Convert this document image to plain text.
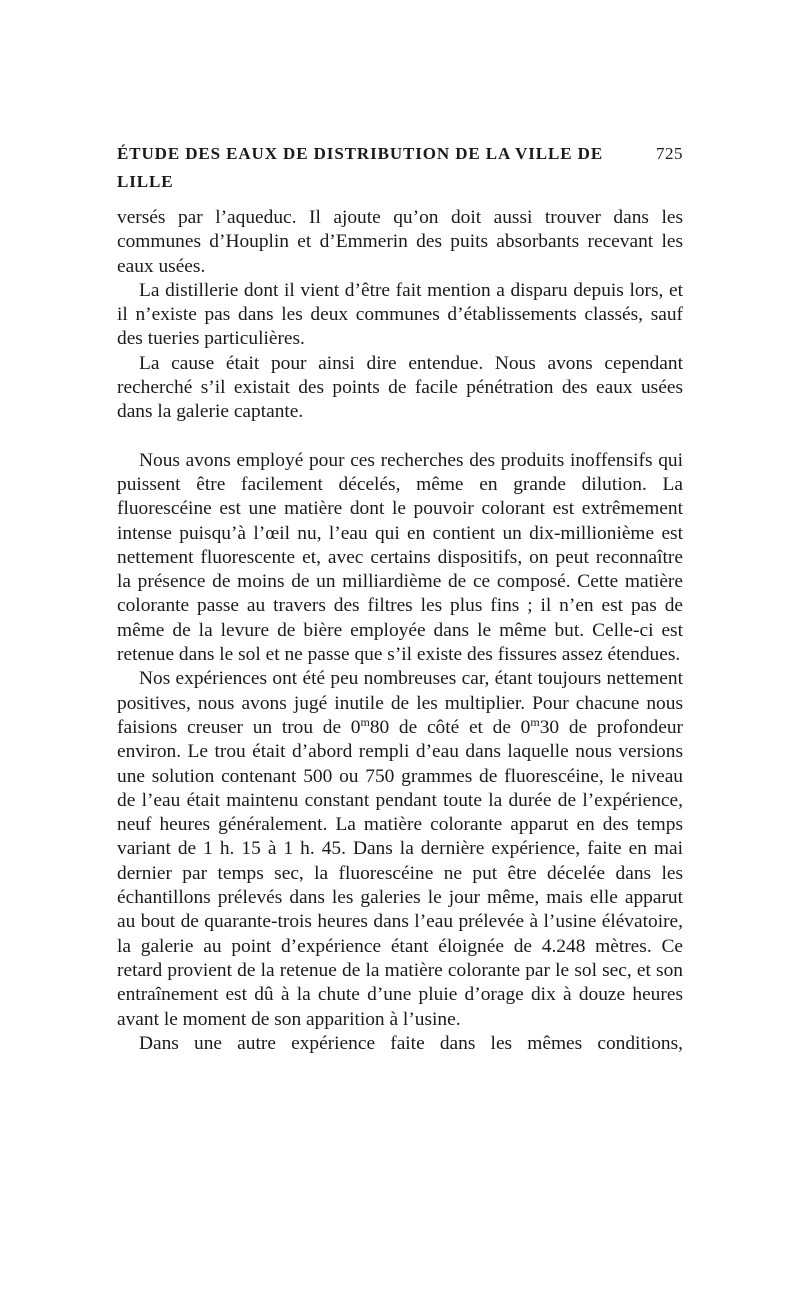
ÉTUDE DES EAUX DE DISTRIBUTION DE LA VILLE DE LILLE
725

versés par l’aqueduc. Il ajoute qu’on doit aussi trouver dans les communes d’Houplin et d’Emmerin des puits absorbants recevant les eaux usées.

La distillerie dont il vient d’être fait mention a disparu depuis lors, et il n’existe pas dans les deux communes d’établissements classés, sauf des tueries particulières.

La cause était pour ainsi dire entendue. Nous avons cependant recherché s’il existait des points de facile pénétration des eaux usées dans la galerie captante.

Nous avons employé pour ces recherches des produits inoffensifs qui puissent être facilement décelés, même en grande dilution. La fluorescéine est une matière dont le pouvoir colorant est extrêmement intense puisqu’à l’œil nu, l’eau qui en contient un dix-millionième est nettement fluorescente et, avec certains dispositifs, on peut reconnaître la présence de moins de un milliardième de ce composé. Cette matière colorante passe au travers des filtres les plus fins ; il n’en est pas de même de la levure de bière employée dans le même but. Celle-ci est retenue dans le sol et ne passe que s’il existe des fissures assez étendues.

Nos expériences ont été peu nombreuses car, étant toujours nettement positives, nous avons jugé inutile de les multiplier. Pour chacune nous faisions creuser un trou de 0$^m$80 de côté et de 0$^m$30 de profondeur environ. Le trou était d’abord rempli d’eau dans laquelle nous versions une solution contenant 500 ou 750 grammes de fluorescéine, le niveau de l’eau était maintenu constant pendant toute la durée de l’expérience, neuf heures généralement. La matière colorante apparut en des temps variant de 1 h. 15 à 1 h. 45. Dans la dernière expérience, faite en mai dernier par temps sec, la fluorescéine ne put être décelée dans les échantillons prélevés dans les galeries le jour même, mais elle apparut au bout de quarante-trois heures dans l’eau prélevée à l’usine élévatoire, la galerie au point d’expérience étant éloignée de 4.248 mètres. Ce retard provient de la retenue de la matière colorante par le sol sec, et son entraînement est dû à la chute d’une pluie d’orage dix à douze heures avant le moment de son apparition à l’usine.

Dans une autre expérience faite dans les mêmes conditions,
